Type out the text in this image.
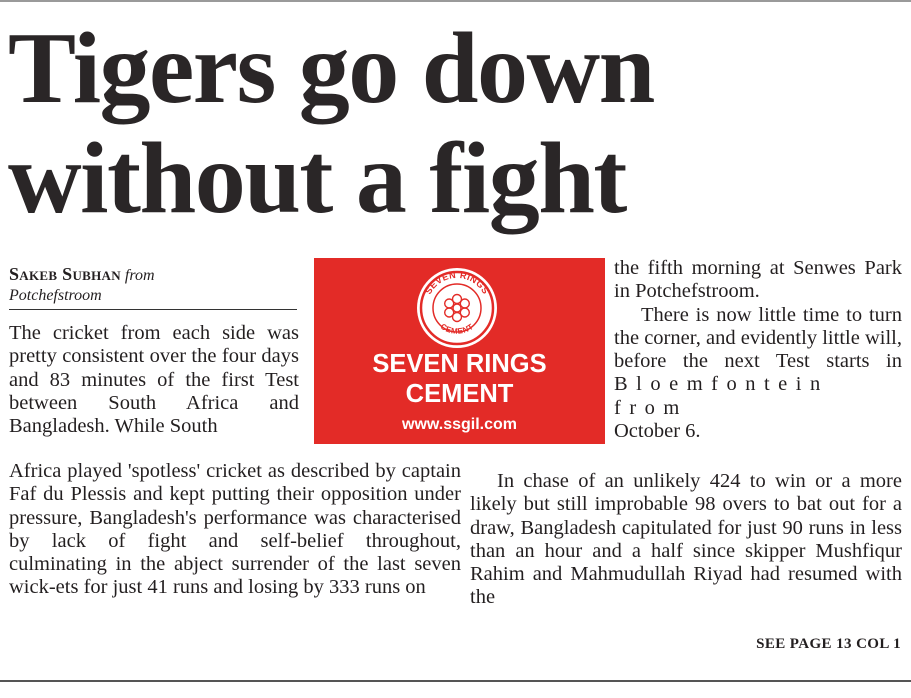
Tigers go down
without a fight
Sakeb Subhan from
Potchefstroom

The cricket from each side was pretty consistent over the four days and 83 minutes of the first Test between South Africa and Bangladesh. While South

SEVEN RINGS
CEMENT
SEVEN RINGS
CEMENT
www.ssgil.com

the fifth morning at Senwes Park in Potchefstroom.

There is now little time to turn the corner, and evidently little will, before the next Test starts in Bloemfontein from
October 6.

Africa played 'spotless' cricket as described by captain Faf du Plessis and kept putting their opposition under pressure, Bangladesh's performance was characterised by lack of fight and self-belief throughout, culminating in the abject surrender of the last seven wick-ets for just 41 runs and losing by 333 runs on

In chase of an unlikely 424 to win or a more likely but still improbable 98 overs to bat out for a draw, Bangladesh capitulated for just 90 runs in less than an hour and a half since skipper Mushfiqur Rahim and Mahmudullah Riyad had resumed with the

SEE PAGE 13 COL 1
